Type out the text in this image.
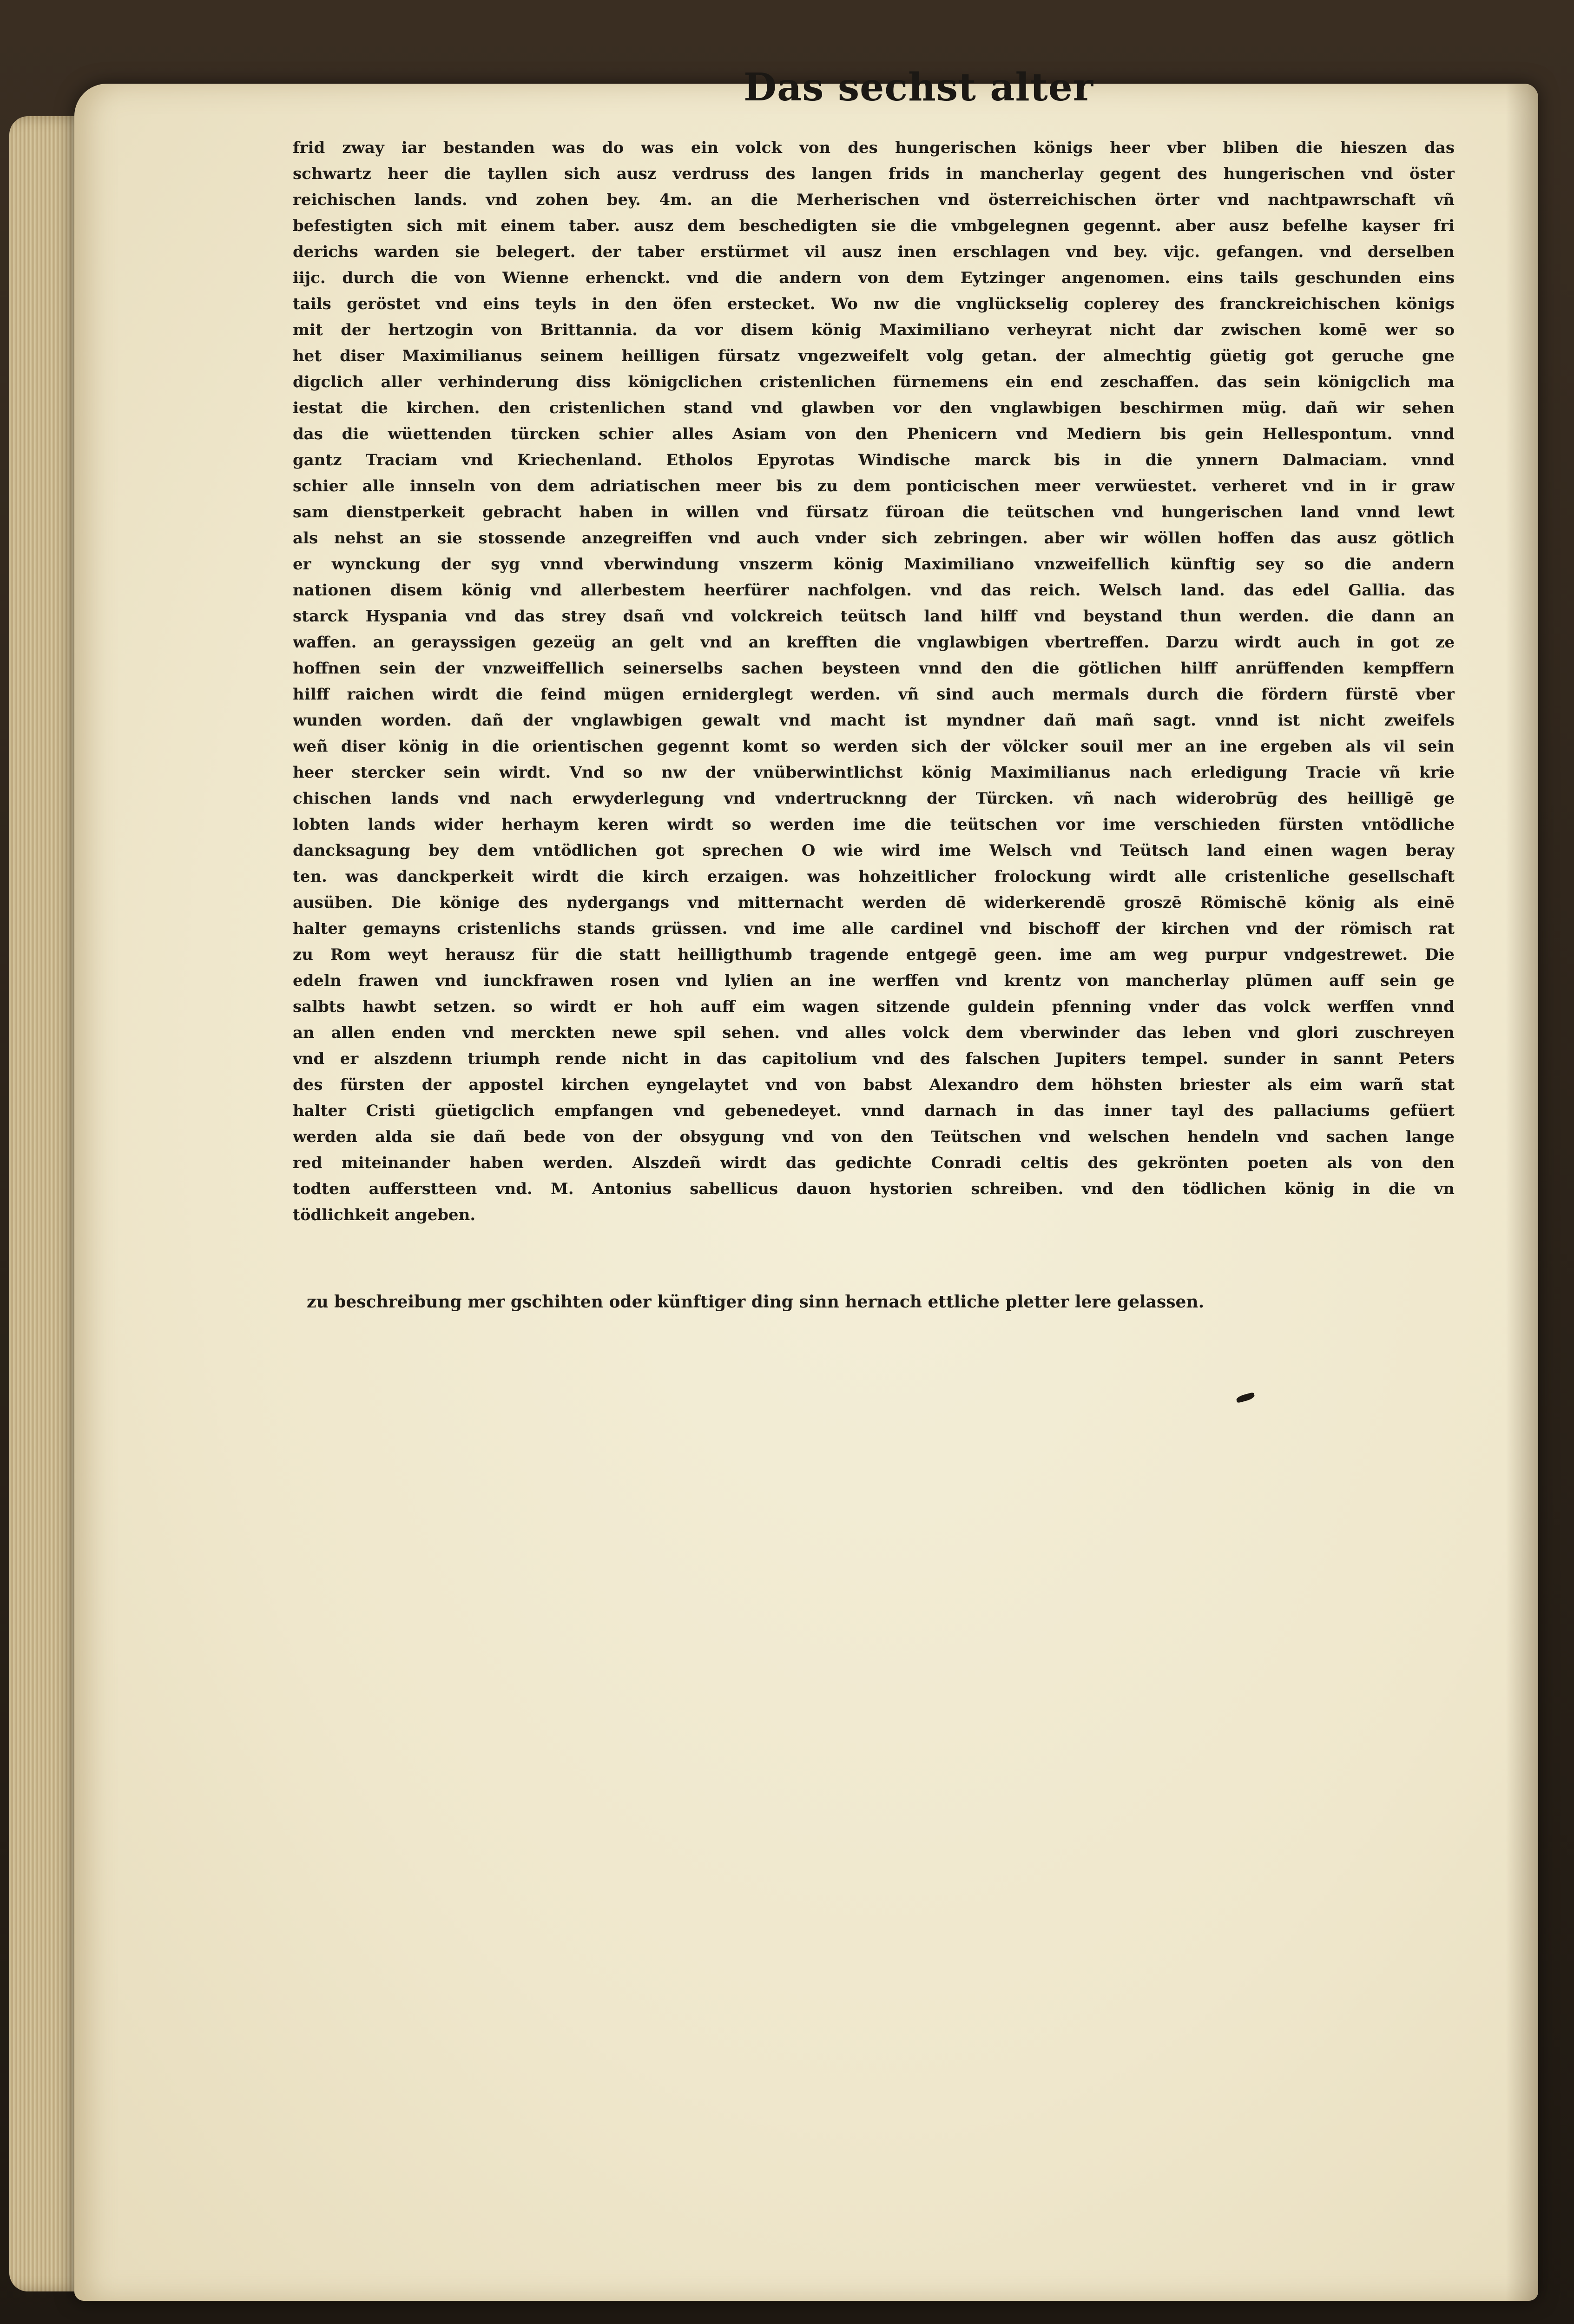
Das sechst alter
frid zway iar bestanden was do was ein volck von des hungerischen königs heer vber bliben die hieszen das
schwartz heer die tayllen sich ausz verdruss des langen frids in mancherlay gegent des hungerischen vnd öster
reichischen lands. vnd zohen bey. 4m. an die Merherischen vnd österreichischen örter vnd nachtpawrschaft vñ
befestigten sich mit einem taber. ausz dem beschedigten sie die vmbgelegnen gegennt. aber ausz befelhe kayser fri
derichs warden sie belegert. der taber erstürmet vil ausz inen erschlagen vnd bey. vijc. gefangen. vnd derselben
iijc. durch die von Wienne erhenckt. vnd die andern von dem Eytzinger angenomen. eins tails geschunden eins
tails geröstet vnd eins teyls in den öfen erstecket. Wo nw die vnglückselig coplerey des franckreichischen königs
mit der hertzogin von Brittannia. da vor disem könig Maximiliano verheyrat nicht dar zwischen komē wer so
het diser Maximilianus seinem heilligen fürsatz vngezweifelt volg getan. der almechtig güetig got geruche gne
digclich aller verhinderung diss königclichen cristenlichen fürnemens ein end zeschaffen. das sein königclich ma
iestat die kirchen. den cristenlichen stand vnd glawben vor den vnglawbigen beschirmen müg. dañ wir sehen
das die wüettenden türcken schier alles Asiam von den Phenicern vnd Mediern bis gein Hellespontum. vnnd
gantz Traciam vnd Kriechenland. Etholos Epyrotas Windische marck bis in die ynnern Dalmaciam. vnnd
schier alle innseln von dem adriatischen meer bis zu dem ponticischen meer verwüestet. verheret vnd in ir graw
sam dienstperkeit gebracht haben in willen vnd fürsatz füroan die teütschen vnd hungerischen land vnnd lewt
als nehst an sie stossende anzegreiffen vnd auch vnder sich zebringen. aber wir wöllen hoffen das ausz götlich
er wynckung der syg vnnd vberwindung vnszerm könig Maximiliano vnzweifellich künftig sey so die andern
nationen disem könig vnd allerbestem heerfürer nachfolgen. vnd das reich. Welsch land. das edel Gallia. das
starck Hyspania vnd das strey dsañ vnd volckreich teütsch land hilff vnd beystand thun werden. die dann an
waffen. an gerayssigen gezeüg an gelt vnd an krefften die vnglawbigen vbertreffen. Darzu wirdt auch in got ze
hoffnen sein der vnzweiffellich seinerselbs sachen beysteen vnnd den die götlichen hilff anrüffenden kempffern
hilff raichen wirdt die feind mügen erniderglegt werden. vñ sind auch mermals durch die fördern fürstē vber
wunden worden. dañ der vnglawbigen gewalt vnd macht ist myndner dañ mañ sagt. vnnd ist nicht zweifels
weñ diser könig in die orientischen gegennt komt so werden sich der völcker souil mer an ine ergeben als vil sein
heer stercker sein wirdt. Vnd so nw der vnüberwintlichst könig Maximilianus nach erledigung Tracie vñ krie
chischen lands vnd nach erwyderlegung vnd vndertrucknng der Türcken. vñ nach widerobrūg des heilligē ge
lobten lands wider herhaym keren wirdt so werden ime die teütschen vor ime verschieden fürsten vntödliche
dancksagung bey dem vntödlichen got sprechen O wie wird ime Welsch vnd Teütsch land einen wagen beray
ten. was danckperkeit wirdt die kirch erzaigen. was hohzeitlicher frolockung wirdt alle cristenliche gesellschaft
ausüben. Die könige des nydergangs vnd mitternacht werden dē widerkerendē groszē Römischē könig als einē
halter gemayns cristenlichs stands grüssen. vnd ime alle cardinel vnd bischoff der kirchen vnd der römisch rat
zu Rom weyt herausz für die statt heilligthumb tragende entgegē geen. ime am weg purpur vndgestrewet. Die
edeln frawen vnd iunckfrawen rosen vnd lylien an ine werffen vnd krentz von mancherlay plūmen auff sein ge
salbts hawbt setzen. so wirdt er hoh auff eim wagen sitzende guldein pfenning vnder das volck werffen vnnd
an allen enden vnd merckten newe spil sehen. vnd alles volck dem vberwinder das leben vnd glori zuschreyen
vnd er alszdenn triumph rende nicht in das capitolium vnd des falschen Jupiters tempel. sunder in sannt Peters
des fürsten der appostel kirchen eyngelaytet vnd von babst Alexandro dem höhsten briester als eim warñ stat
halter Cristi güetigclich empfangen vnd gebenedeyet. vnnd darnach in das inner tayl des pallaciums gefüert
werden alda sie dañ bede von der obsygung vnd von den Teütschen vnd welschen hendeln vnd sachen lange
red miteinander haben werden. Alszdeñ wirdt das gedichte Conradi celtis des gekrönten poeten als von den
todten aufferstteen vnd. M. Antonius sabellicus dauon hystorien schreiben. vnd den tödlichen könig in die vn
tödlichkeit angeben.
zu beschreibung mer gschihten oder künftiger ding sinn hernach ettliche pletter lere gelassen.
